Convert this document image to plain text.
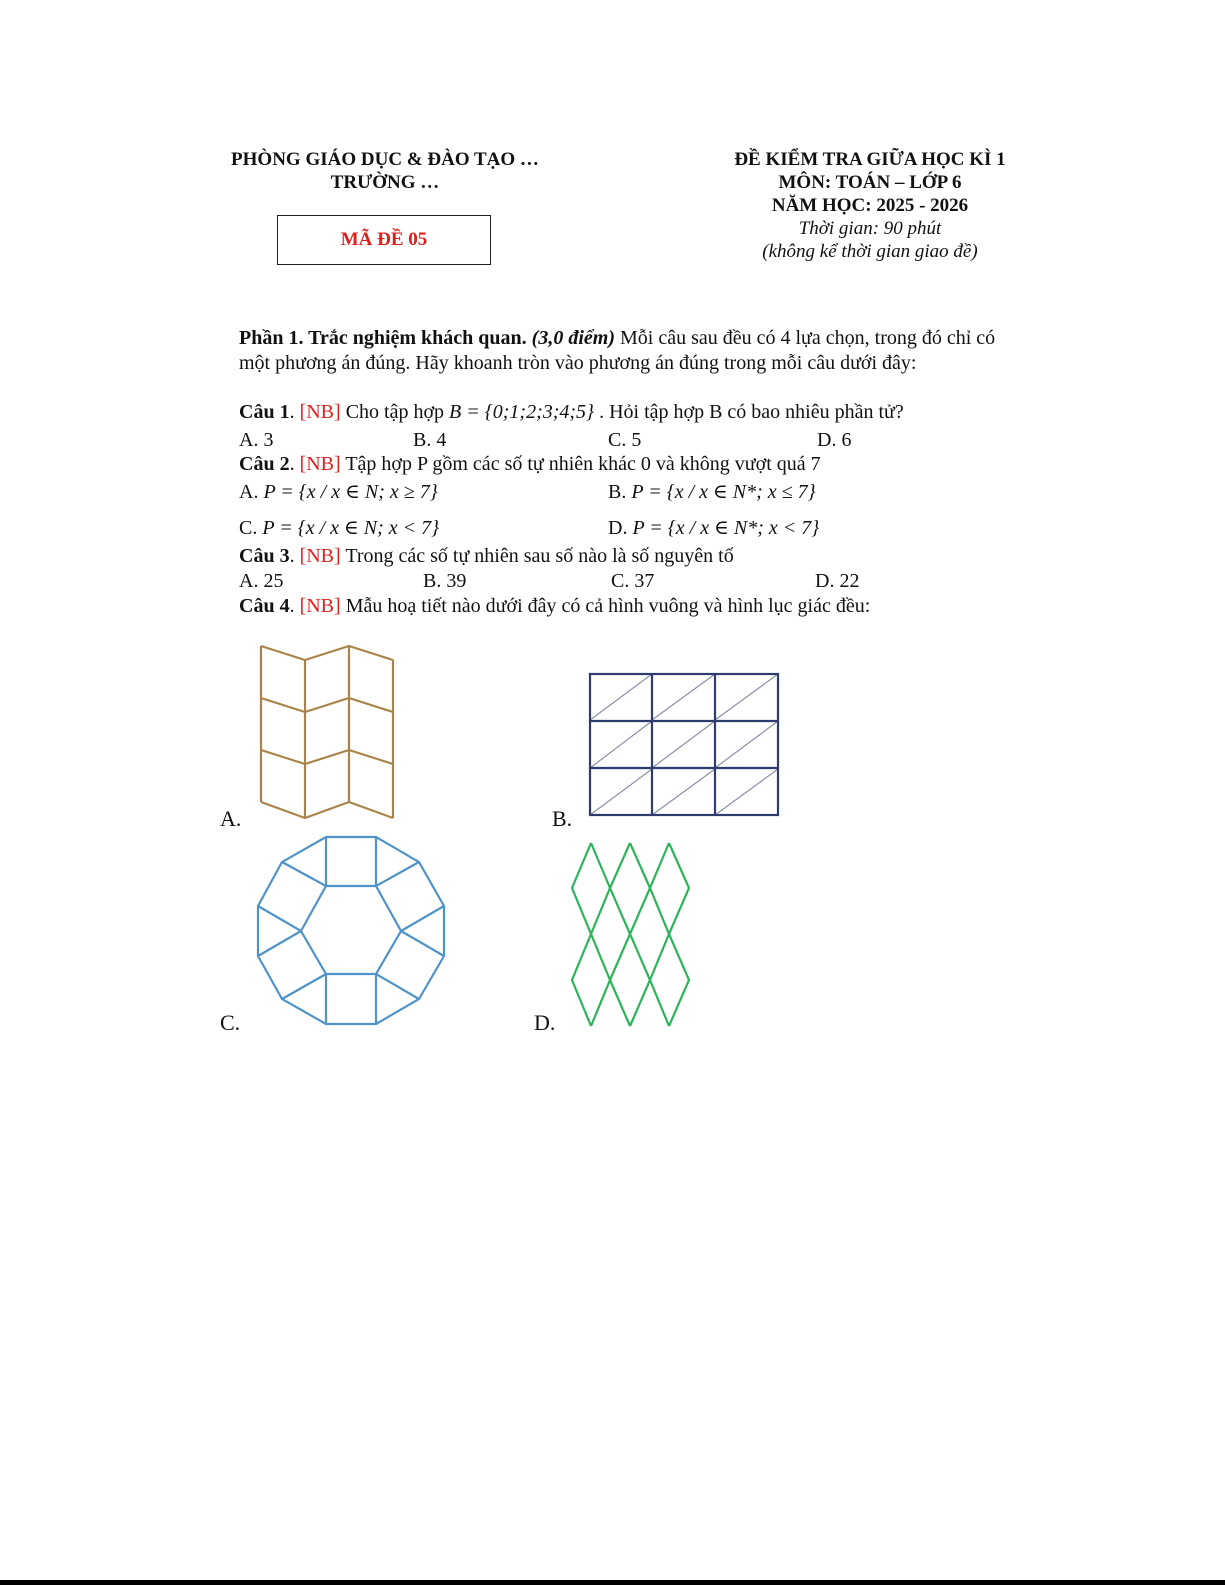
PHÒNG GIÁO DỤC & ĐÀO TẠO …
TRƯỜNG …
MÃ ĐỀ 05
ĐỀ KIỂM TRA GIỮA HỌC KÌ 1
MÔN: TOÁN – LỚP 6
NĂM HỌC: 2025 - 2026
Thời gian: 90 phút
(không kể thời gian giao đề)
Phần 1. Trắc nghiệm khách quan. (3,0 điểm) Mỗi câu sau đều có 4 lựa chọn, trong đó chỉ có một phương án đúng. Hãy khoanh tròn vào phương án đúng trong mỗi câu dưới đây:
Câu 1. [NB] Cho tập hợp B = {0;1;2;3;4;5} . Hỏi tập hợp B có bao nhiêu phần tử?
A. 3	B. 4	C. 5	D. 6
Câu 2. [NB] Tập hợp P gồm các số tự nhiên khác 0 và không vượt quá 7
A. P = {x / x ∈ N; x ≥ 7}	B. P = {x / x ∈ N*; x ≤ 7}
C. P = {x / x ∈ N; x < 7}	D. P = {x / x ∈ N*; x < 7}
Câu 3. [NB] Trong các số tự nhiên sau số nào là số nguyên tố
A. 25	B. 39	C. 37	D. 22
Câu 4. [NB] Mẫu hoạ tiết nào dưới đây có cả hình vuông và hình lục giác đều:
A.	B.
C.	D.
